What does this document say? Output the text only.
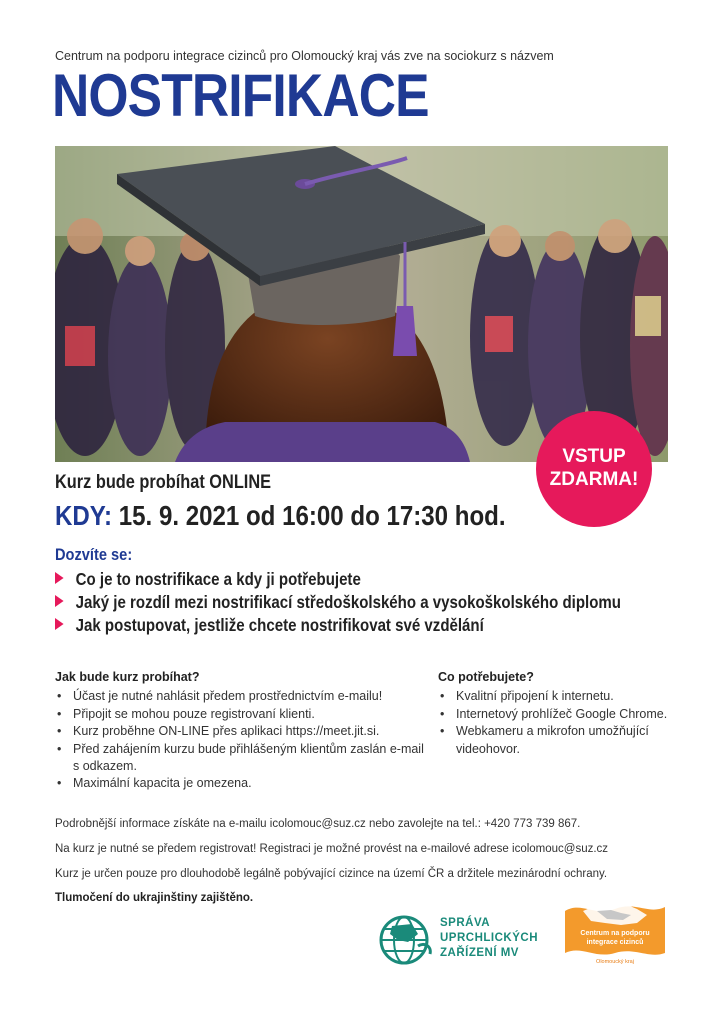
Centrum na podporu integrace cizinců pro Olomoucký kraj vás zve na sociokurz s názvem
NOSTRIFIKACE
VSTUP
ZDARMA!
Kurz bude probíhat ONLINE
KDY: 15. 9. 2021 od 16:00 do 17:30 hod.
Dozvíte se:
Co je to nostrifikace a kdy ji potřebujete
Jaký je rozdíl mezi nostrifikací středoškolského a vysokoškolského diplomu
Jak postupovat, jestliže chcete nostrifikovat své vzdělání
Jak bude kurz probíhat?
• Účast je nutné nahlásit předem prostřednictvím e-mailu!
• Připojit se mohou pouze registrovaní klienti.
• Kurz proběhne ON-LINE přes aplikaci https://meet.jit.si.
• Před zahájením kurzu bude přihlášeným klientům zaslán e-mail s odkazem.
• Maximální kapacita je omezena.
Co potřebujete?
• Kvalitní připojení k internetu.
• Internetový prohlížeč Google Chrome.
• Webkameru a mikrofon umožňující videohovor.
Podrobnější informace získáte na e-mailu icolomouc@suz.cz nebo zavolejte na tel.: +420 773 739 867.
Na kurz je nutné se předem registrovat! Registraci je možné provést na e-mailové adrese icolomouc@suz.cz
Kurz je určen pouze pro dlouhodobě legálně pobývající cizince na území ČR a držitele mezinárodní ochrany.
Tlumočení do ukrajinštiny zajištěno.
SPRÁVA
UPRCHLICKÝCH
ZAŘÍZENÍ MV
Centrum na podporu integrace cizinců
Olomoucký kraj
